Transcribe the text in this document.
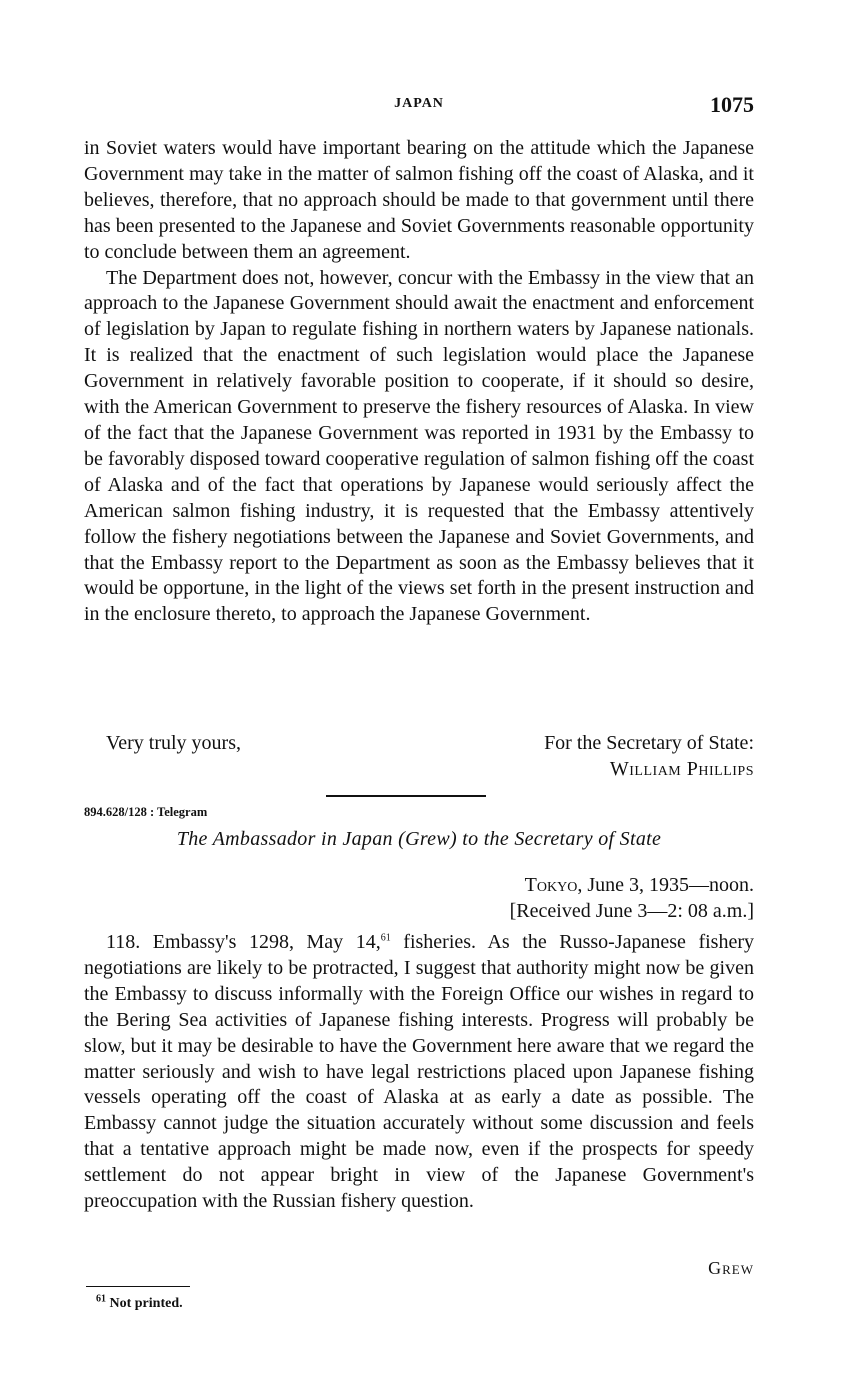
JAPAN	1075

in Soviet waters would have important bearing on the attitude which the Japanese Government may take in the matter of salmon fishing off the coast of Alaska, and it believes, therefore, that no approach should be made to that government until there has been presented to the Japanese and Soviet Governments reasonable opportunity to conclude between them an agreement.

The Department does not, however, concur with the Embassy in the view that an approach to the Japanese Government should await the enactment and enforcement of legislation by Japan to regulate fishing in northern waters by Japanese nationals. It is realized that the enactment of such legislation would place the Japanese Government in relatively favorable position to cooperate, if it should so desire, with the American Government to preserve the fishery resources of Alaska. In view of the fact that the Japanese Government was reported in 1931 by the Embassy to be favorably disposed toward cooperative regulation of salmon fishing off the coast of Alaska and of the fact that operations by Japanese would seriously affect the American salmon fishing industry, it is requested that the Embassy attentively follow the fishery negotiations between the Japanese and Soviet Governments, and that the Embassy report to the Department as soon as the Embassy believes that it would be opportune, in the light of the views set forth in the present instruction and in the enclosure thereto, to approach the Japanese Government.

Very truly yours,	For the Secretary of State:
William Phillips
894.628/128 : Telegram
The Ambassador in Japan (Grew) to the Secretary of State
Tokyo, June 3, 1935—noon.
[Received June 3—2: 08 a.m.]

118. Embassy's 1298, May 14,61 fisheries. As the Russo-Japanese fishery negotiations are likely to be protracted, I suggest that authority might now be given the Embassy to discuss informally with the Foreign Office our wishes in regard to the Bering Sea activities of Japanese fishing interests. Progress will probably be slow, but it may be desirable to have the Government here aware that we regard the matter seriously and wish to have legal restrictions placed upon Japanese fishing vessels operating off the coast of Alaska at as early a date as possible. The Embassy cannot judge the situation accurately without some discussion and feels that a tentative approach might be made now, even if the prospects for speedy settlement do not appear bright in view of the Japanese Government's preoccupation with the Russian fishery question.

Grew
$^{61}$ Not printed.
